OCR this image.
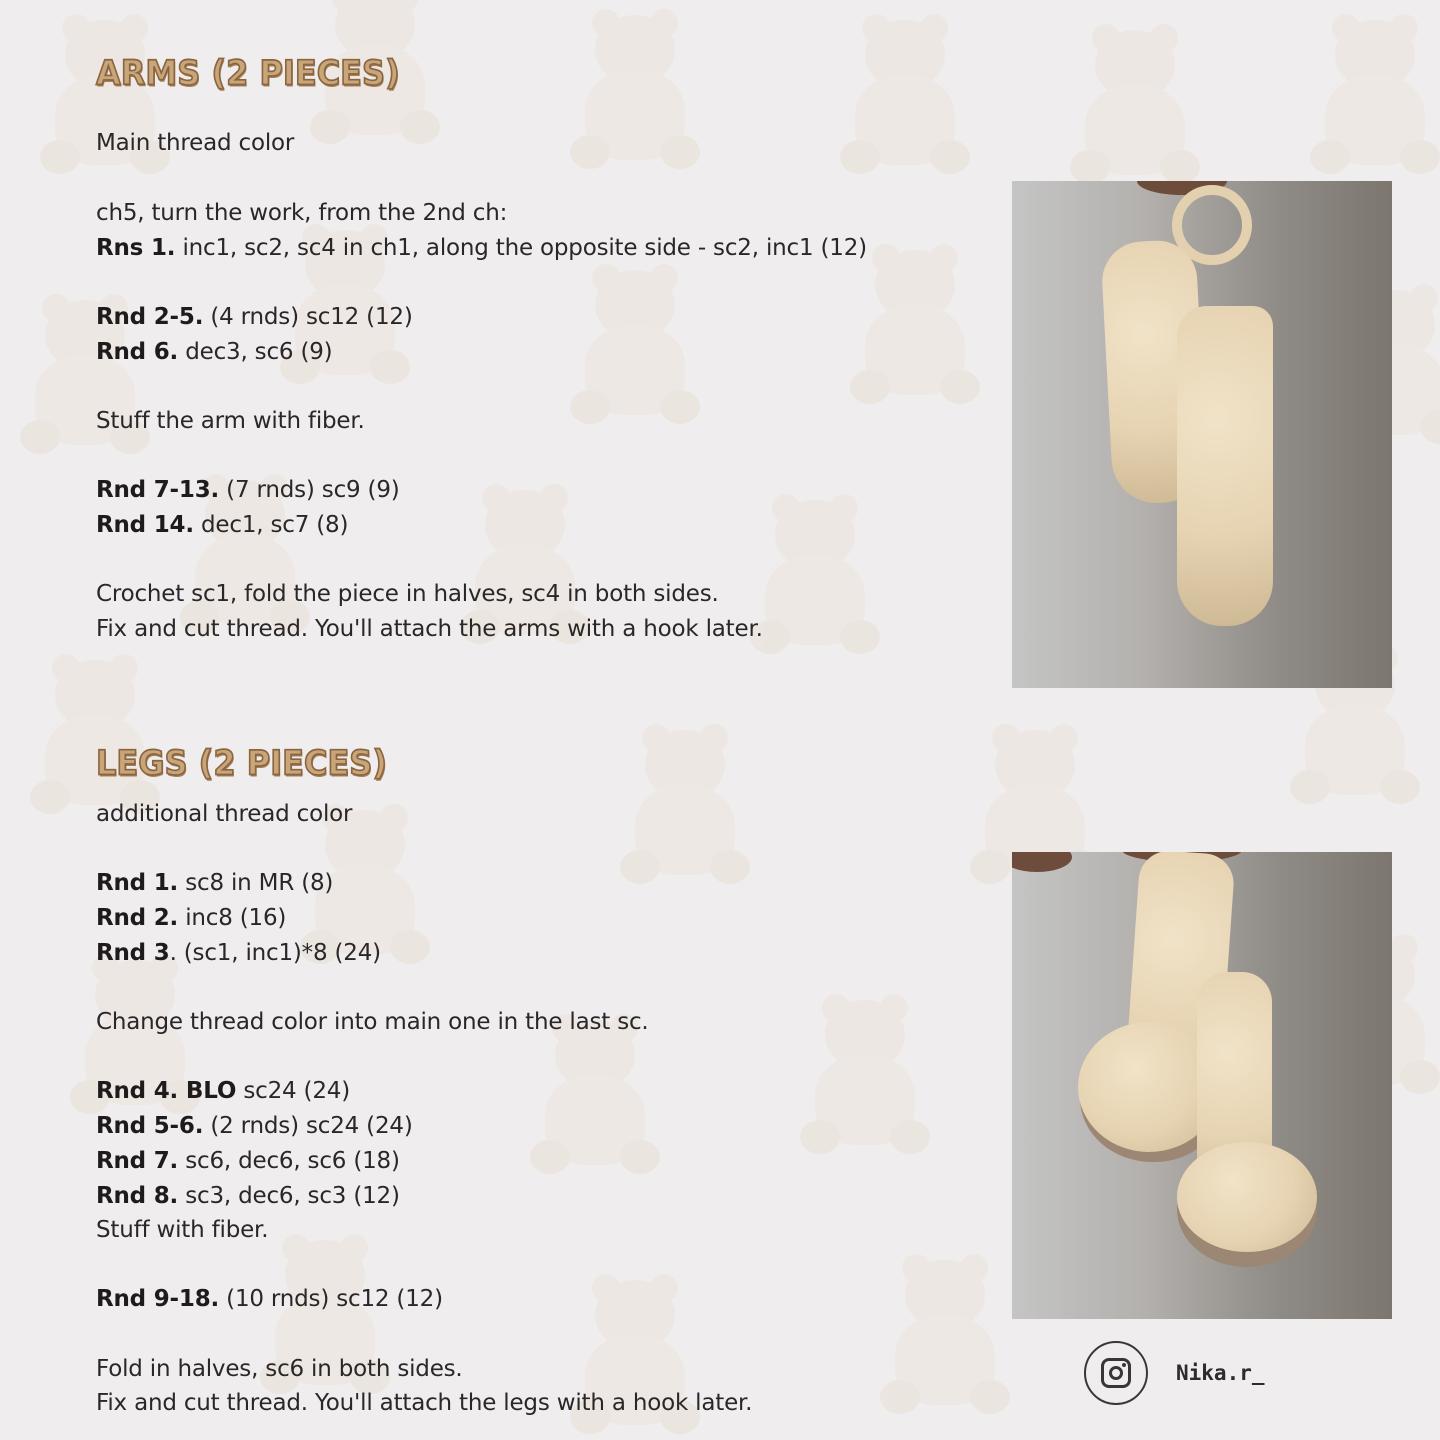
ARMS (2 PIECES)
Main thread color
ch5, turn the work, from the 2nd ch:
Rns 1. inc1, sc2, sc4 in ch1, along the opposite side - sc2, inc1 (12)
Rnd 2-5. (4 rnds) sc12 (12)
Rnd 6. dec3, sc6 (9)
Stuff the arm with fiber.
Rnd 7-13. (7 rnds) sc9 (9)
Rnd 14. dec1, sc7 (8)
Crochet sc1, fold the piece in halves, sc4 in both sides.
Fix and cut thread. You'll attach the arms with a hook later.
LEGS (2 PIECES)
additional thread color
Rnd 1. sc8 in MR (8)
Rnd 2. inc8 (16)
Rnd 3. (sc1, inc1)*8 (24)
Change thread color into main one in the last sc.
Rnd 4. BLO sc24 (24)
Rnd 5-6. (2 rnds) sc24 (24)
Rnd 7. sc6, dec6, sc6 (18)
Rnd 8. sc3, dec6, sc3 (12)
Stuff with fiber.
Rnd 9-18. (10 rnds) sc12 (12)
Fold in halves, sc6 in both sides.
Fix and cut thread. You'll attach the legs with a hook later.
Nika.r_
